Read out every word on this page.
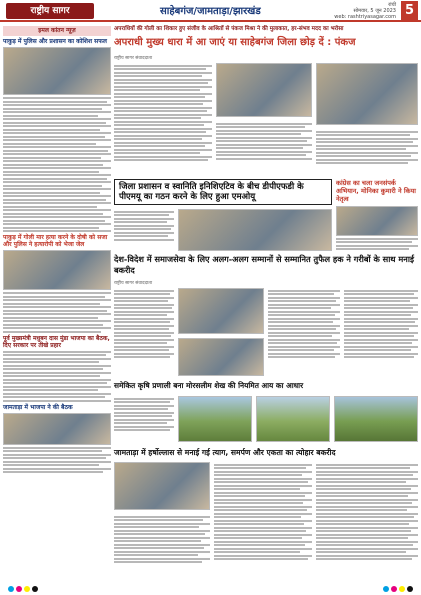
राष्ट्रीय सागर	साहेबगंज/जामताड़ा/झारखंड
रांची
सोमवार, 5 जून 2023
web: rashtriyasagar.com 5
इमल कांतन न्यूज़
पाकुड़ में पुलिस और प्रशासन का कोशिश सफल
पाकुड़ में गोली मार हत्या करने के दोषी को सजा और पुलिस ने हत्यारोपी को भेजा जेल
पूर्व मुख्यमंत्री मधुबन दास मुंडा भाजपा का बैठक, दिए सरकार पर तीखे प्रहार
जामताड़ा में भाजपा ने की बैठक
अपराधियों की गोली का शिकार हुए संजीव के आश्रितों से पंकज मिश्रा ने की मुलाकात, हर-संभव मदद का भरोसा
अपराधी मुख्य धारा में आ जाएं या साहेबगंज जिला छोड़ दें : पंकज
राष्ट्रीय सागर संवाददाता
जिला प्रशासन व स्वानिति इनिशिएटिव के बीच डीपीएफडी के पीएमयू का गठन करने के लिए हुआ एमओयू
कांग्रेस का चला जनसंपर्क अभियान, मोनिका कुमारी ने किया नेतृत्व
देश-विदेश में समाजसेवा के लिए अलग-अलग सम्मानों से सम्मानित तुफैल हक ने गरीबों के साथ मनाई बकरीद
राष्ट्रीय सागर संवाददाता
समेकित कृषि प्रणाली बना मोरसलीम शेख की नियमित आय का आधार
जामताड़ा में हर्षोल्लास से मनाई गई त्याग, समर्पण और एकता का त्योहार बकरीद
